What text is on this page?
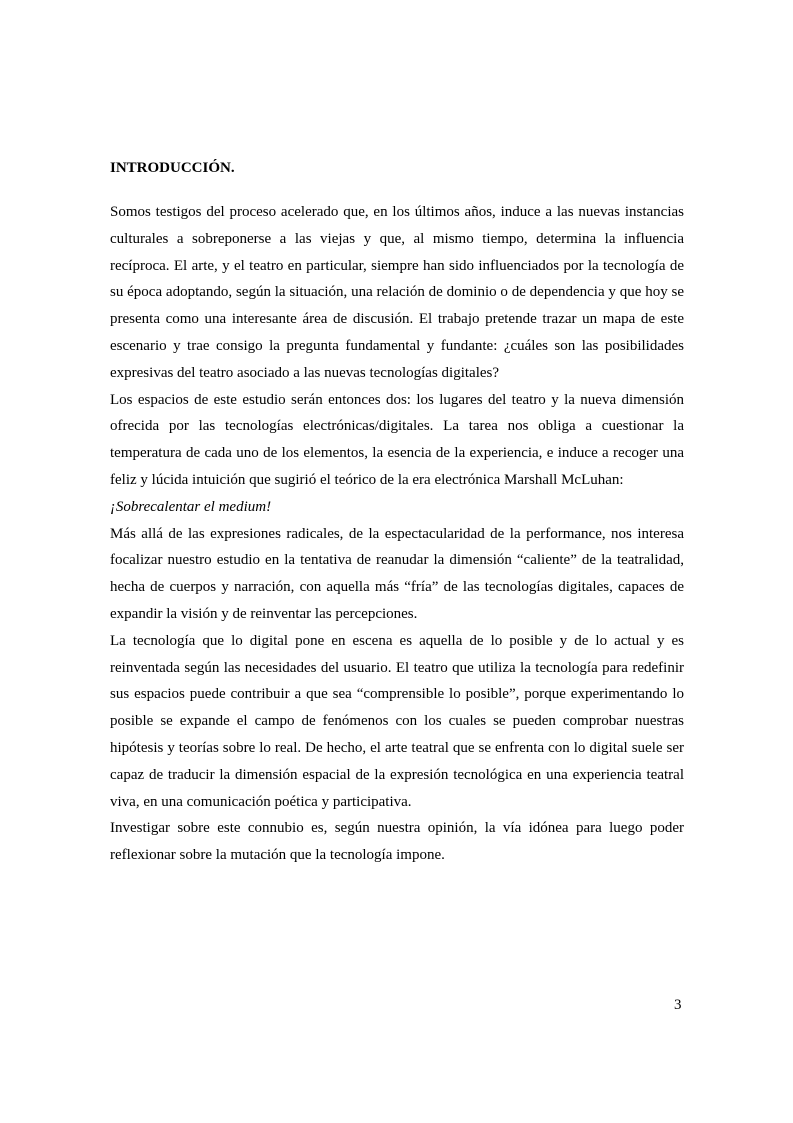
INTRODUCCIÓN.

Somos testigos del proceso acelerado que, en los últimos años, induce a las nuevas instancias culturales a sobreponerse a las viejas y que, al mismo tiempo, determina la influencia recíproca. El arte, y el teatro en particular, siempre han sido influenciados por la tecnología de su época adoptando, según la situación, una relación de dominio o de dependencia y que hoy se presenta como una interesante área de discusión. El trabajo pretende trazar un mapa de este escenario y trae consigo la pregunta fundamental y fundante: ¿cuáles son las posibilidades expresivas del teatro asociado a las nuevas tecnologías digitales?

Los espacios de este estudio serán entonces dos: los lugares del teatro y la nueva dimensión ofrecida por las tecnologías electrónicas/digitales. La tarea nos obliga a cuestionar la temperatura de cada uno de los elementos, la esencia de la experiencia, e induce a recoger una feliz y lúcida intuición que sugirió el teórico de la era electrónica Marshall McLuhan:

¡Sobrecalentar el medium!

Más allá de las expresiones radicales, de la espectacularidad de la performance, nos interesa focalizar nuestro estudio en la tentativa de reanudar la dimensión “caliente” de la teatralidad, hecha de cuerpos y narración, con aquella más “fría” de las tecnologías digitales, capaces de expandir la visión y de reinventar las percepciones.

La tecnología que lo digital pone en escena es aquella de lo posible y de lo actual y es reinventada según las necesidades del usuario. El teatro que utiliza la tecnología para redefinir sus espacios puede contribuir a que sea “comprensible lo posible”, porque experimentando lo posible se expande el campo de fenómenos con los cuales se pueden comprobar nuestras hipótesis y teorías sobre lo real. De hecho, el arte teatral que se enfrenta con lo digital suele ser capaz de traducir la dimensión espacial de la expresión tecnológica en una experiencia teatral viva, en una comunicación poética y participativa.

Investigar sobre este connubio es, según nuestra opinión, la vía idónea para luego poder reflexionar sobre la mutación que la tecnología impone.

3
